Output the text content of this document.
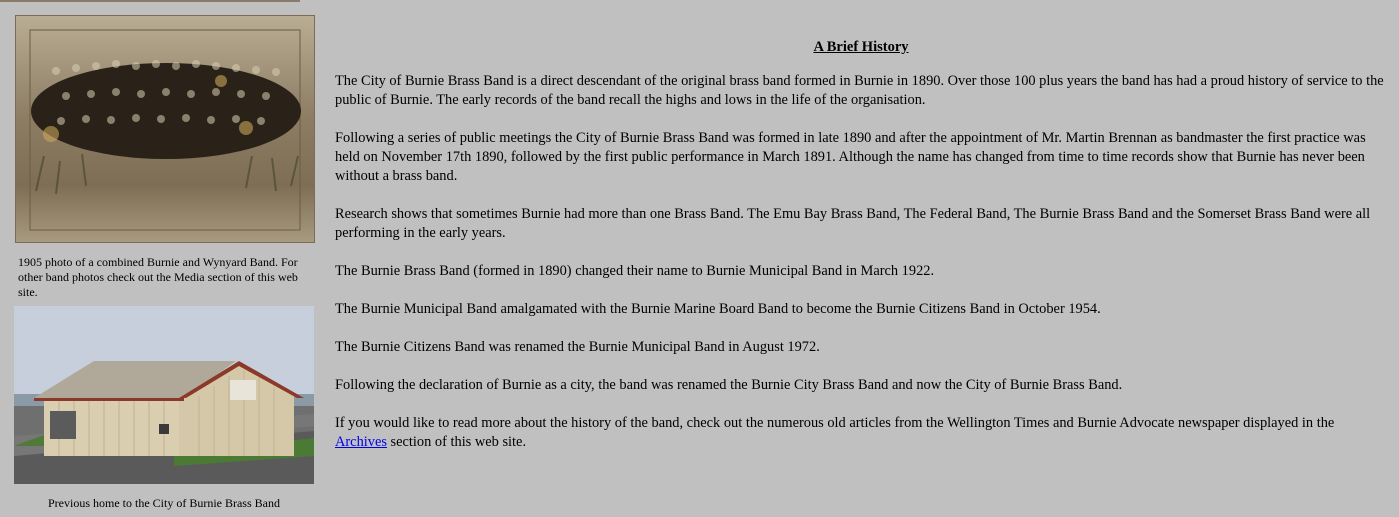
1905 photo of a combined Burnie and Wynyard Band. For other band photos check out the Media section of this web site.
Previous home to the City of Burnie Brass Band
A Brief History

The City of Burnie Brass Band is a direct descendant of the original brass band formed in Burnie in 1890. Over those 100 plus years the band has had a proud history of service to the public of Burnie. The early records of the band recall the highs and lows in the life of the organisation.

Following a series of public meetings the City of Burnie Brass Band was formed in late 1890 and after the appointment of Mr. Martin Brennan as bandmaster the first practice was held on November 17th 1890, followed by the first public performance in March 1891. Although the name has changed from time to time records show that Burnie has never been without a brass band.

Research shows that sometimes Burnie had more than one Brass Band. The Emu Bay Brass Band, The Federal Band, The Burnie Brass Band and the Somerset Brass Band were all performing in the early years.

The Burnie Brass Band (formed in 1890) changed their name to Burnie Municipal Band in March 1922.

The Burnie Municipal Band amalgamated with the Burnie Marine Board Band to become the Burnie Citizens Band in October 1954.

The Burnie Citizens Band was renamed the Burnie Municipal Band in August 1972.

Following the declaration of Burnie as a city, the band was renamed the Burnie City Brass Band and now the City of Burnie Brass Band.

If you would like to read more about the history of the band, check out the numerous old articles from the Wellington Times and Burnie Advocate newspaper displayed in the Archives section of this web site.
